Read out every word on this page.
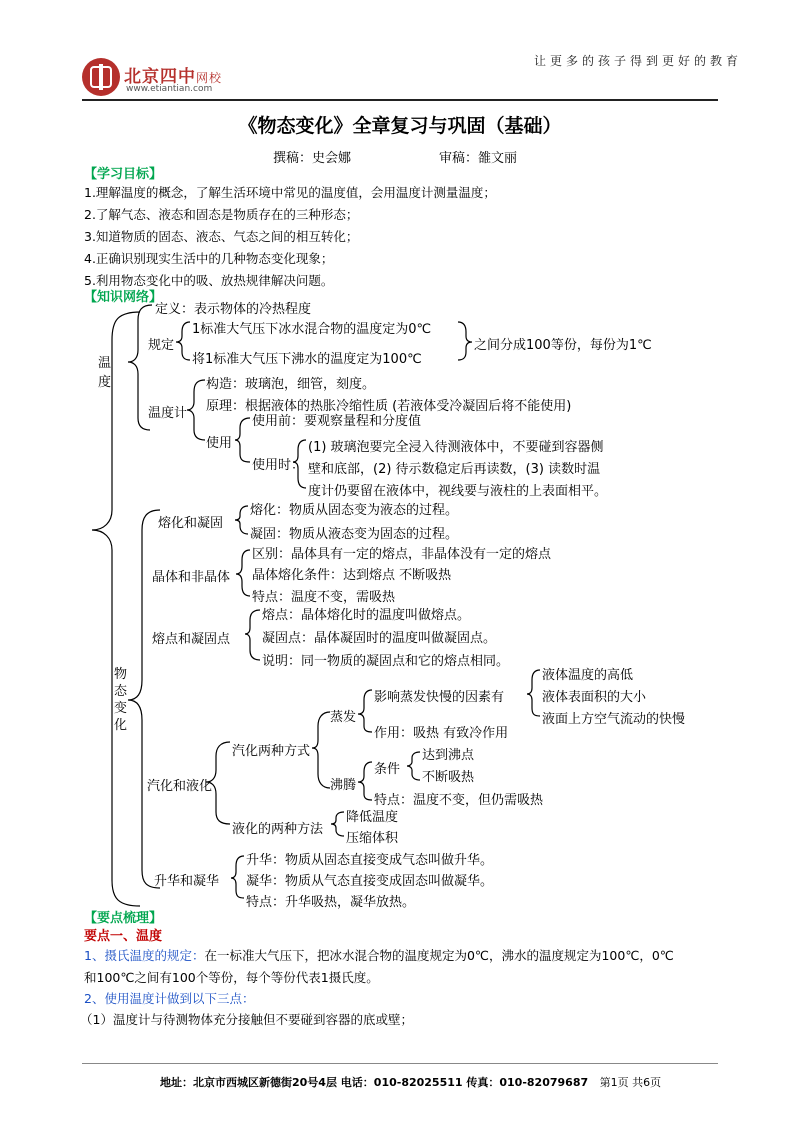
北京四中网校
www.etiantian.com
让更多的孩子得到更好的教育
《物态变化》全章复习与巩固（基础）
撰稿：史会娜	审稿：雒文丽
【学习目标】
1.理解温度的概念，了解生活环境中常见的温度值，会用温度计测量温度；
2.了解气态、液态和固态是物质存在的三种形态；
3.知道物质的固态、液态、气态之间的相互转化；
4.正确识别现实生活中的几种物态变化现象；
5.利用物态变化中的吸、放热规律解决问题。
【知识网络】
温度
定义：表示物体的冷热程度
规定
1标准大气压下冰水混合物的温度定为0℃
将1标准大气压下沸水的温度定为100℃
之间分成100等份，每份为1℃
温度计
构造：玻璃泡，细管，刻度。
原理：根据液体的热胀冷缩性质 (若液体受冷凝固后将不能使用)
使用
使用前：要观察量程和分度值
使用时：
(1) 玻璃泡要完全浸入待测液体中，不要碰到容器侧
壁和底部，(2) 待示数稳定后再读数，(3) 读数时温
度计仍要留在液体中，视线要与液柱的上表面相平。
物态变化
熔化和凝固
熔化：物质从固态变为液态的过程。
凝固：物质从液态变为固态的过程。
晶体和非晶体
区别：晶体具有一定的熔点，非晶体没有一定的熔点
晶体熔化条件：达到熔点 不断吸热
特点：温度不变，需吸热
熔点和凝固点
熔点：晶体熔化时的温度叫做熔点。
凝固点：晶体凝固时的温度叫做凝固点。
说明：同一物质的凝固点和它的熔点相同。
汽化和液化
汽化两种方式
蒸发
影响蒸发快慢的因素有
液体温度的高低
液体表面积的大小
液面上方空气流动的快慢
作用：吸热 有致冷作用
沸腾
条件
达到沸点
不断吸热
特点：温度不变，但仍需吸热
液化的两种方法
降低温度
压缩体积
升华和凝华
升华：物质从固态直接变成气态叫做升华。
凝华：物质从气态直接变成固态叫做凝华。
特点：升华吸热，凝华放热。
【要点梳理】
要点一、温度
1、摄氏温度的规定：在一标准大气压下，把冰水混合物的温度规定为0℃，沸水的温度规定为100℃，0℃
和100℃之间有100个等份，每个等份代表1摄氏度。
2、使用温度计做到以下三点：
（1）温度计与待测物体充分接触但不要碰到容器的底或壁；
地址：北京市西城区新德街20号4层 电话：010-82025511 传真：010-82079687 第1页 共6页
